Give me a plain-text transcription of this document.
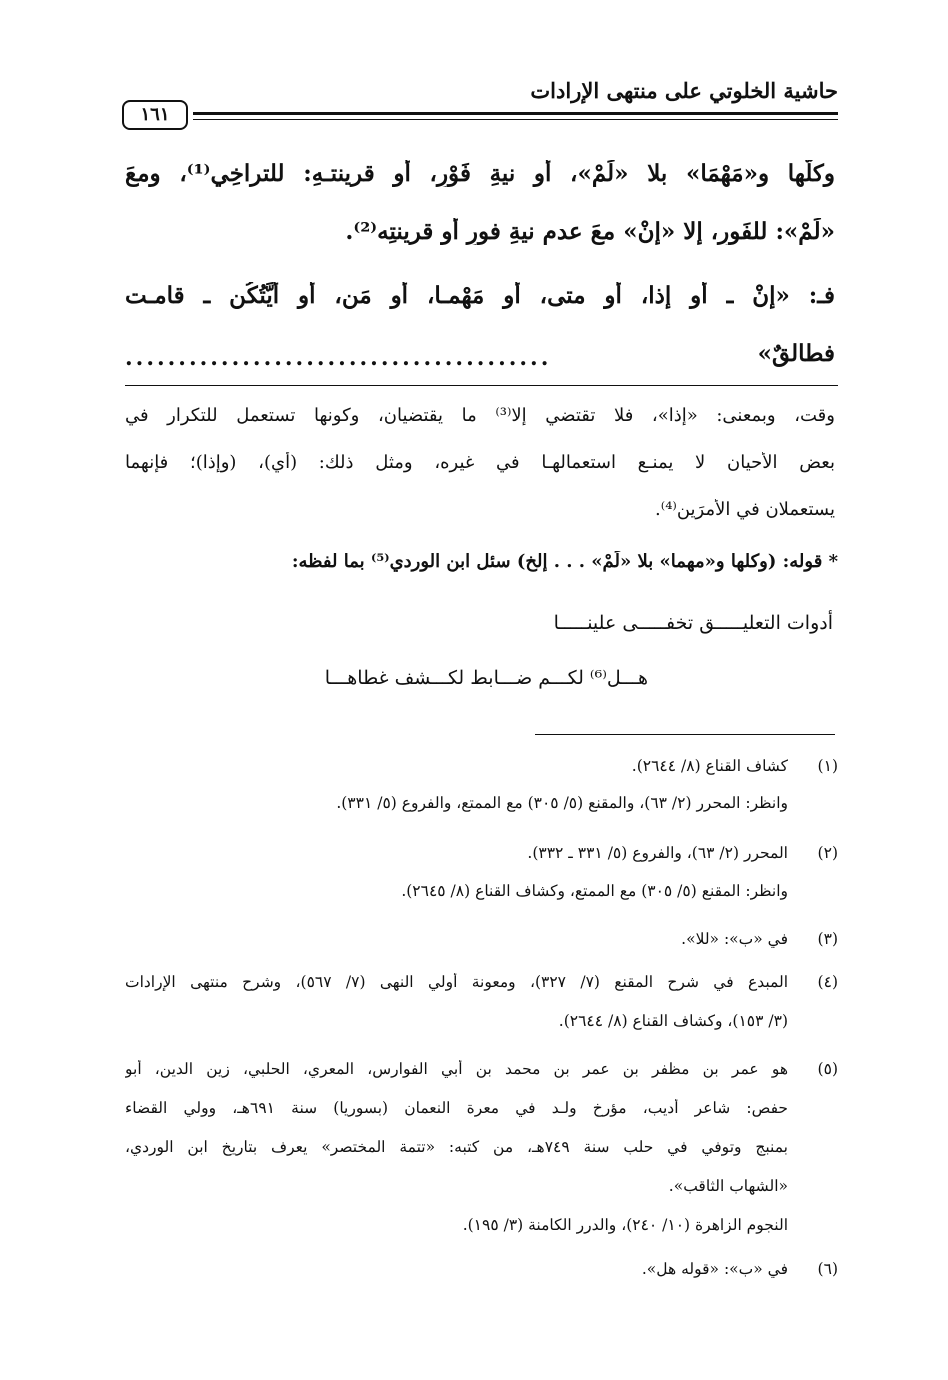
حاشية الخلوتي على منتهى الإرادات
١٦١
وكلُّها و«مَهْمَا» بلا «لَمْ»، أو نيةِ فَوْرٍ، أو قرينتـهِ: للتراخِي⁽¹⁾، ومعَ
«لَمْ»: للفَورِ، إلا «إنْ» معَ عدمِ نيةِ فورٍ أو قرينتِه⁽²⁾.
فـ: «إنْ ـ أو إذا، أو متى، أو مَهْمـا، أو مَن، أو أَيَّتُكُن ـ قامـت
........................................	فطالقٌ»
وقت، وبمعنى: «إذا»، فلا تقتضي إلا⁽³⁾ ما يقتضيان، وكونها تستعمل للتكرار في
بعض الأحيان لا يمنـع استعمالهـا في غيره، ومثل ذلك: (أي)، (وإذا)؛ فإنهما
يستعملان في الأمرَين⁽⁴⁾.
* قوله: (وكلها و«مهما» بلا «لَمْ» . . . إلخ) سئل ابن الوردي⁽⁵⁾ بما لفظه:
أدوات التعليـــــق تخفـــــى علينـــــا
هـــل⁽⁶⁾ لكـــم ضـــابط لكـــشف غطاهـــا
(١)
كشاف القناع (٨/ ٢٦٤٤).
وانظر: المحرر (٢/ ٦٣)، والمقنع (٥/ ٣٠٥) مع الممتع، والفروع (٥/ ٣٣١).
(٢)
المحرر (٢/ ٦٣)، والفروع (٥/ ٣٣١ ـ ٣٣٢).
وانظر: المقنع (٥/ ٣٠٥) مع الممتع، وكشاف القناع (٨/ ٢٦٤٥).
(٣)
في «ب»: «للا».
(٤)
المبدع في شرح المقنع (٧/ ٣٢٧)، ومعونة أولي النهى (٧/ ٥٦٧)، وشرح منتهى الإرادات
(٣/ ١٥٣)، وكشاف القناع (٨/ ٢٦٤٤).
(٥)
هو عمر بن مظفر بن عمر بن محمد بن أبي الفوارس، المعري، الحلبي، زين الدين، أبو
حفص: شاعر أديب، مؤرخ ولـد في معرة النعمان (بسوريا) سنة ٦٩١هـ، وولي القضاء
بمنبج وتوفي في حلب سنة ٧٤٩هـ، من كتبه: «تتمة المختصر» يعرف بتاريخ ابن الوردي،
«الشهاب الثاقب».
النجوم الزاهرة (١٠/ ٢٤٠)، والدرر الكامنة (٣/ ١٩٥).
(٦)
في «ب»: «قوله هل».
